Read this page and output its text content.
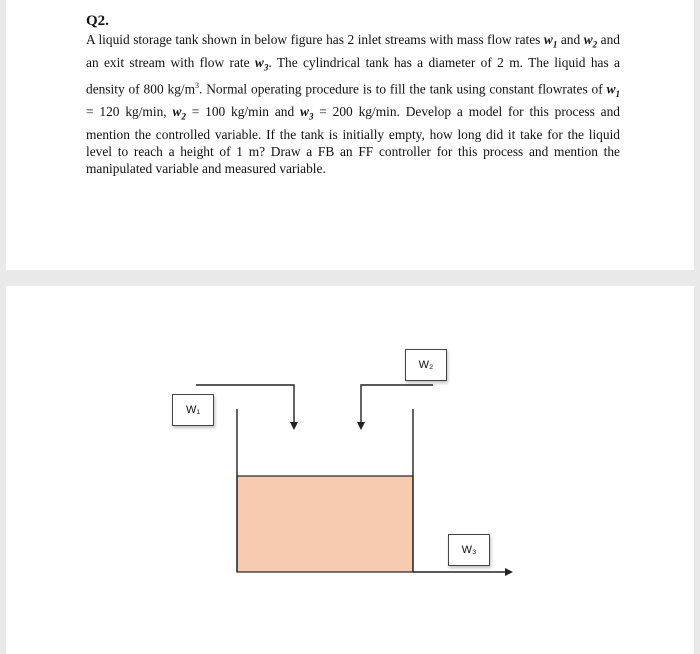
Q2.
A liquid storage tank shown in below figure has 2 inlet streams with mass flow rates $w_1$ and $w_2$ and an exit stream with flow rate $w_3$. The cylindrical tank has a diameter of 2 m. The liquid has a density of 800 $kg/m^3$. Normal operating procedure is to fill the tank using constant flowrates of $w_1 = 120$ kg/min, $w_2 = 100$ kg/min and $w_3 = 200$ kg/min. Develop a model for this process and mention the controlled variable. If the tank is initially empty, how long did it take for the liquid level to reach a height of 1 m? Draw a FB an FF controller for this process and mention the manipulated variable and measured variable.
W₁
W₂
W₃
